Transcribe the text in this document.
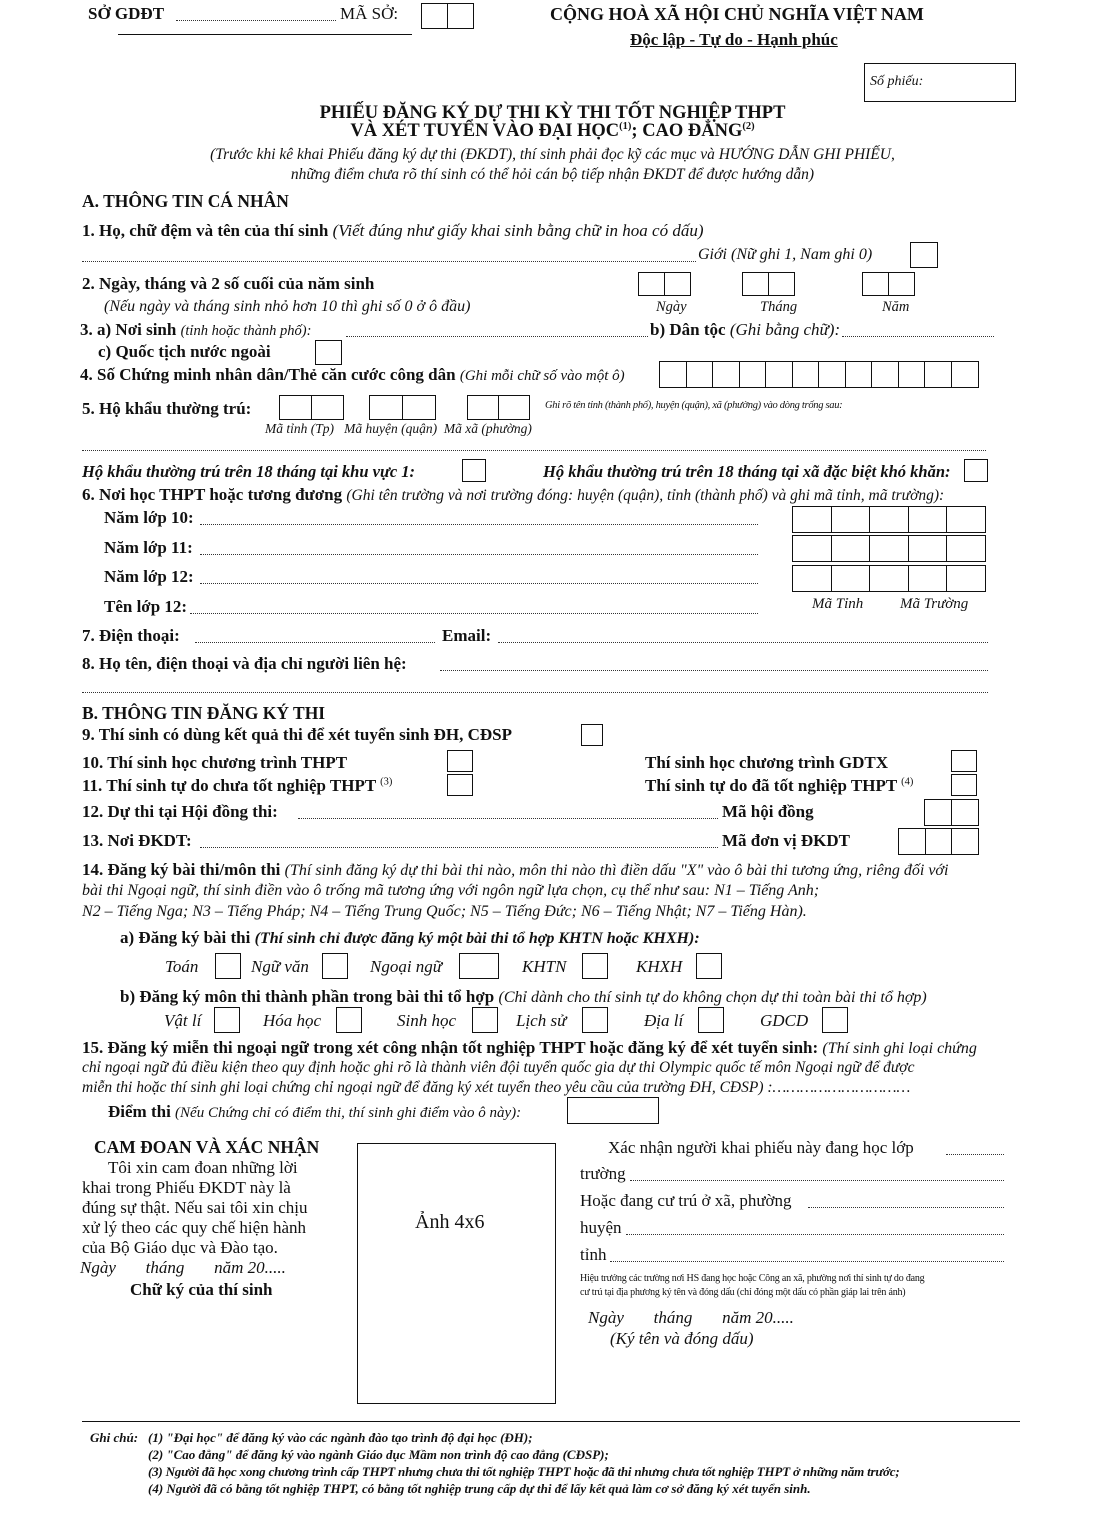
SỞ GDĐT	MÃ SỞ:	CỘNG HOÀ XÃ HỘI CHỦ NGHĨA VIỆT NAM
Độc lập - Tự do - Hạnh phúc
Số phiếu:
PHIẾU ĐĂNG KÝ DỰ THI KỲ THI TỐT NGHIỆP THPT
VÀ XÉT TUYỂN VÀO ĐẠI HỌC$^{(1)}$; CAO ĐẲNG$^{(2)}$
(Trước khi kê khai Phiếu đăng ký dự thi (ĐKDT), thí sinh phải đọc kỹ các mục và HƯỚNG DẪN GHI PHIẾU,
những điểm chưa rõ thí sinh có thể hỏi cán bộ tiếp nhận ĐKDT để được hướng dẫn)
A. THÔNG TIN CÁ NHÂN
1. Họ, chữ đệm và tên của thí sinh (Viết đúng như giấy khai sinh bằng chữ in hoa có dấu)
Giới (Nữ ghi 1, Nam ghi 0)
2. Ngày, tháng và 2 số cuối của năm sinh
(Nếu ngày và tháng sinh nhỏ hơn 10 thì ghi số 0 ở ô đầu)	Ngày	Tháng	Năm
3. a) Nơi sinh (tỉnh hoặc thành phố):	b) Dân tộc (Ghi bằng chữ):
c) Quốc tịch nước ngoài
4. Số Chứng minh nhân dân/Thẻ căn cước công dân (Ghi mỗi chữ số vào một ô)
5. Hộ khẩu thường trú:	Ghi rõ tên tỉnh (thành phố), huyện (quận), xã (phường) vào dòng trống sau:
Mã tỉnh (Tp)   Mã huyện (quận)  Mã xã (phường)
Hộ khẩu thường trú trên 18 tháng tại khu vực 1:	Hộ khẩu thường trú trên 18 tháng tại xã đặc biệt khó khăn:
6. Nơi học THPT hoặc tương đương (Ghi tên trường và nơi trường đóng: huyện (quận), tỉnh (thành phố) và ghi mã tỉnh, mã trường):
Năm lớp 10:
Năm lớp 11:
Năm lớp 12:
Tên lớp 12:	Mã Tỉnh Mã Trường
7. Điện thoại:	Email:
8. Họ tên, điện thoại và địa chỉ người liên hệ:
B. THÔNG TIN ĐĂNG KÝ THI
9. Thí sinh có dùng kết quả thi để xét tuyển sinh ĐH, CĐSP
10. Thí sinh học chương trình THPT	Thí sinh học chương trình GDTX
11. Thí sinh tự do chưa tốt nghiệp THPT $^{(3)}$	Thí sinh tự do đã tốt nghiệp THPT $^{(4)}$
12. Dự thi tại Hội đồng thi:	Mã hội đồng
13. Nơi ĐKDT:	Mã đơn vị ĐKDT
14. Đăng ký bài thi/môn thi (Thí sinh đăng ký dự thi bài thi nào, môn thi nào thì điền dấu "X" vào ô bài thi tương ứng, riêng đối với
bài thi Ngoại ngữ, thí sinh điền vào ô trống mã tương ứng với ngôn ngữ lựa chọn, cụ thể như sau: N1 – Tiếng Anh;
N2 – Tiếng Nga; N3 – Tiếng Pháp; N4 – Tiếng Trung Quốc; N5 – Tiếng Đức; N6 – Tiếng Nhật; N7 – Tiếng Hàn).
a) Đăng ký bài thi (Thí sinh chỉ được đăng ký một bài thi tổ hợp KHTN hoặc KHXH):
Toán	Ngữ văn	Ngoại ngữ	KHTN	KHXH
b) Đăng ký môn thi thành phần trong bài thi tổ hợp (Chỉ dành cho thí sinh tự do không chọn dự thi toàn bài thi tổ hợp)
Vật lí	Hóa học	Sinh học	Lịch sử	Địa lí	GDCD
15. Đăng ký miễn thi ngoại ngữ trong xét công nhận tốt nghiệp THPT hoặc đăng ký để xét tuyển sinh: (Thí sinh ghi loại chứng
chỉ ngoại ngữ đủ điều kiện theo quy định hoặc ghi rõ là thành viên đội tuyển quốc gia dự thi Olympic quốc tế môn Ngoại ngữ để được
miễn thi hoặc thí sinh ghi loại chứng chỉ ngoại ngữ để đăng ký xét tuyển theo yêu cầu của trường ĐH, CĐSP) :…………………………
Điểm thi (Nếu Chứng chỉ có điểm thi, thí sinh ghi điểm vào ô này):
CAM ĐOAN VÀ XÁC NHẬN
Tôi xin cam đoan những lời
khai trong Phiếu ĐKDT này là
đúng sự thật. Nếu sai tôi xin chịu
xử lý theo các quy chế hiện hành
của Bộ Giáo dục và Đào tạo.
Ngày       tháng       năm 20.....
Chữ ký của thí sinh
Ảnh 4x6
Xác nhận người khai phiếu này đang học lớp
trường
Hoặc đang cư trú ở xã, phường
huyện
tỉnh
Hiệu trưởng các trường nơi HS đang học hoặc Công an xã, phường nơi thí sinh tự do đang
cư trú tại địa phương ký tên và đóng dấu (chỉ đóng một dấu có phần giáp lai trên ảnh)
Ngày       tháng       năm 20.....
(Ký tên và đóng dấu)
Ghi chú: (1) "Đại học" để đăng ký vào các ngành đào tạo trình độ đại học (ĐH);
(2) "Cao đẳng" để đăng ký vào ngành Giáo dục Mầm non trình độ cao đẳng (CĐSP);
(3) Người đã học xong chương trình cấp THPT nhưng chưa thi tốt nghiệp THPT hoặc đã thi nhưng chưa tốt nghiệp THPT ở những năm trước;
(4) Người đã có bằng tốt nghiệp THPT, có bằng tốt nghiệp trung cấp dự thi để lấy kết quả làm cơ sở đăng ký xét tuyển sinh.
